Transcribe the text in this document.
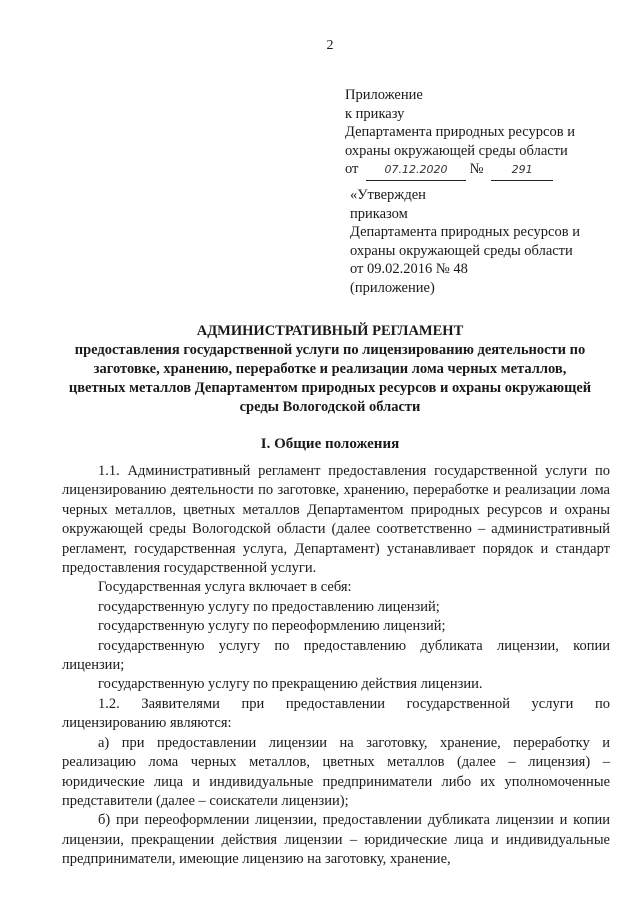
2
Приложение
к приказу
Департамента природных ресурсов и
охраны окружающей среды области
от 07.12.2020 №	291
«Утвержден
приказом
Департамента природных ресурсов и
охраны окружающей среды области
от 09.02.2016 № 48
(приложение)
АДМИНИСТРАТИВНЫЙ РЕГЛАМЕНТ
предоставления государственной услуги по лицензированию деятельности по
заготовке, хранению, переработке и реализации лома черных металлов,
цветных металлов Департаментом природных ресурсов и охраны окружающей
среды Вологодской области
I. Общие положения

1.1. Административный регламент предоставления государственной услуги по лицензированию деятельности по заготовке, хранению, переработке и реализации лома черных металлов, цветных металлов Департаментом природных ресурсов и охраны окружающей среды Вологодской области (далее соответственно – административный регламент, государственная услуга, Департамент) устанавливает порядок и стандарт предоставления государственной услуги.

Государственная услуга включает в себя:

государственную услугу по предоставлению лицензий;

государственную услугу по переоформлению лицензий;

государственную услугу по предоставлению дубликата лицензии, копии лицензии;

государственную услугу по прекращению действия лицензии.

1.2. Заявителями при предоставлении государственной услуги по лицензированию являются:

а) при предоставлении лицензии на заготовку, хранение, переработку и реализацию лома черных металлов, цветных металлов (далее – лицензия) – юридические лица и индивидуальные предприниматели либо их уполномоченные представители (далее – соискатели лицензии);

б) при переоформлении лицензии, предоставлении дубликата лицензии и копии лицензии, прекращении действия лицензии – юридические лица и индивидуальные предприниматели, имеющие лицензию на заготовку, хранение,
